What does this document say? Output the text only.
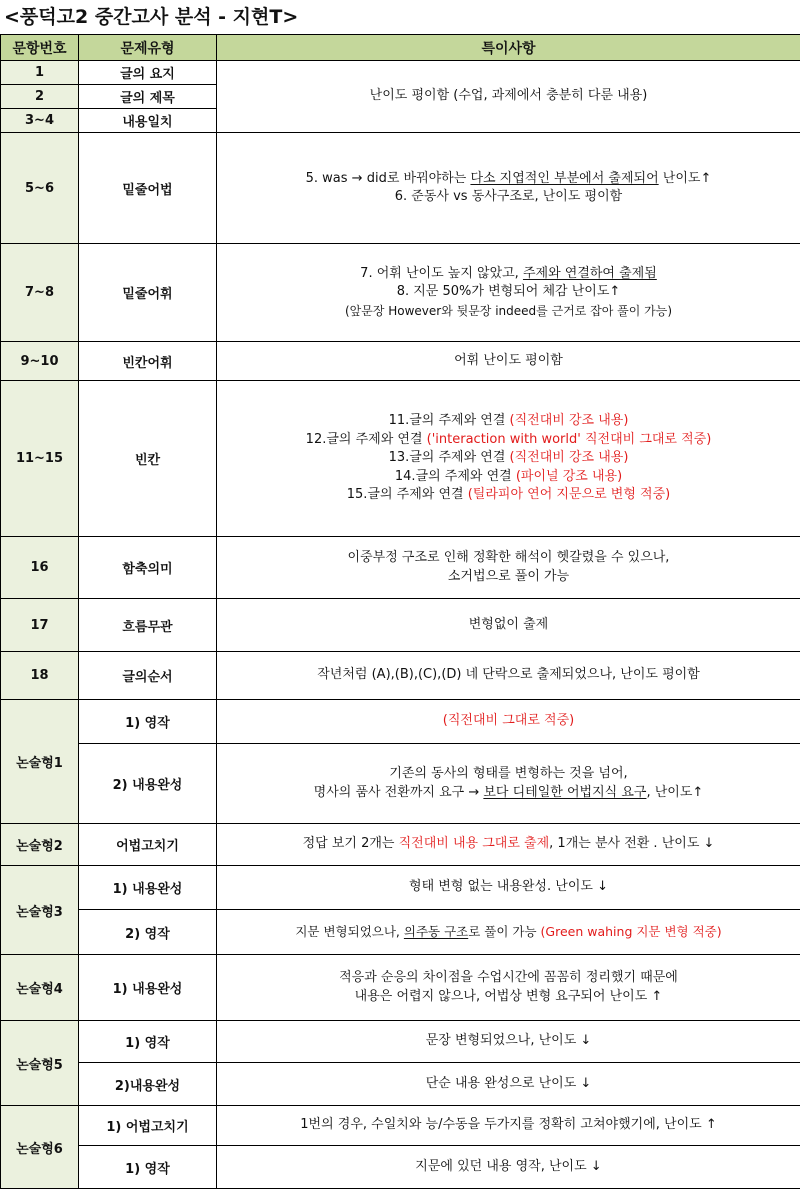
<풍덕고2 중간고사 분석 - 지현T>
문항번호	문제유형	특이사항
1	글의 요지	난이도 평이함 (수업, 과제에서 충분히 다룬 내용)
2	글의 제목	
3~4	내용일치	
5~6	밑줄어법	5. was → did로 바꿔야하는 다소 지엽적인 부분에서 출제되어 난이도↑
6. 준동사 vs 동사구조로, 난이도 평이함

7~8	밑줄어휘	7. 어휘 난이도 높지 않았고, 주제와 연결하여 출제됨
8. 지문 50%가 변형되어 체감 난이도↑
(앞문장 However와 뒷문장 indeed를 근거로 잡아 풀이 가능)

9~10	빈칸어휘	어휘 난이도 평이함
11~15	빈칸	11.글의 주제와 연결 (직전대비 강조 내용)
12.글의 주제와 연결 ('interaction with world' 직전대비 그대로 적중)
13.글의 주제와 연결 (직전대비 강조 내용)
14.글의 주제와 연결 (파이널 강조 내용)
15.글의 주제와 연결 (틸라피아 연어 지문으로 변형 적중)

16	함축의미	이중부정 구조로 인해 정확한 해석이 헷갈렸을 수 있으나,
소거법으로 풀이 가능

17	흐름무관	변형없이 출제
18	글의순서	작년처럼 (A),(B),(C),(D) 네 단락으로 출제되었으나, 난이도 평이함
논술형1	1) 영작	(직전대비 그대로 적중)
	2) 내용완성	기존의 동사의 형태를 변형하는 것을 넘어,
명사의 품사 전환까지 요구 → 보다 디테일한 어법지식 요구, 난이도↑

논술형2	어법고치기	정답 보기 2개는 직전대비 내용 그대로 출제, 1개는 분사 전환 . 난이도 ↓
논술형3	1) 내용완성	형태 변형 없는 내용완성. 난이도 ↓
	2) 영작	지문 변형되었으나, 의주동 구조로 풀이 가능 (Green wahing 지문 변형 적중)
논술형4	1) 내용완성	적응과 순응의 차이점을 수업시간에 꼼꼼히 정리했기 때문에
내용은 어렵지 않으나, 어법상 변형 요구되어 난이도 ↑

논술형5	1) 영작	문장 변형되었으나, 난이도 ↓
	2)내용완성	단순 내용 완성으로 난이도 ↓
논술형6	1) 어법고치기	1번의 경우, 수일치와 능/수동을 두가지를 정확히 고쳐야했기에, 난이도 ↑
	1) 영작	지문에 있던 내용 영작, 난이도 ↓
